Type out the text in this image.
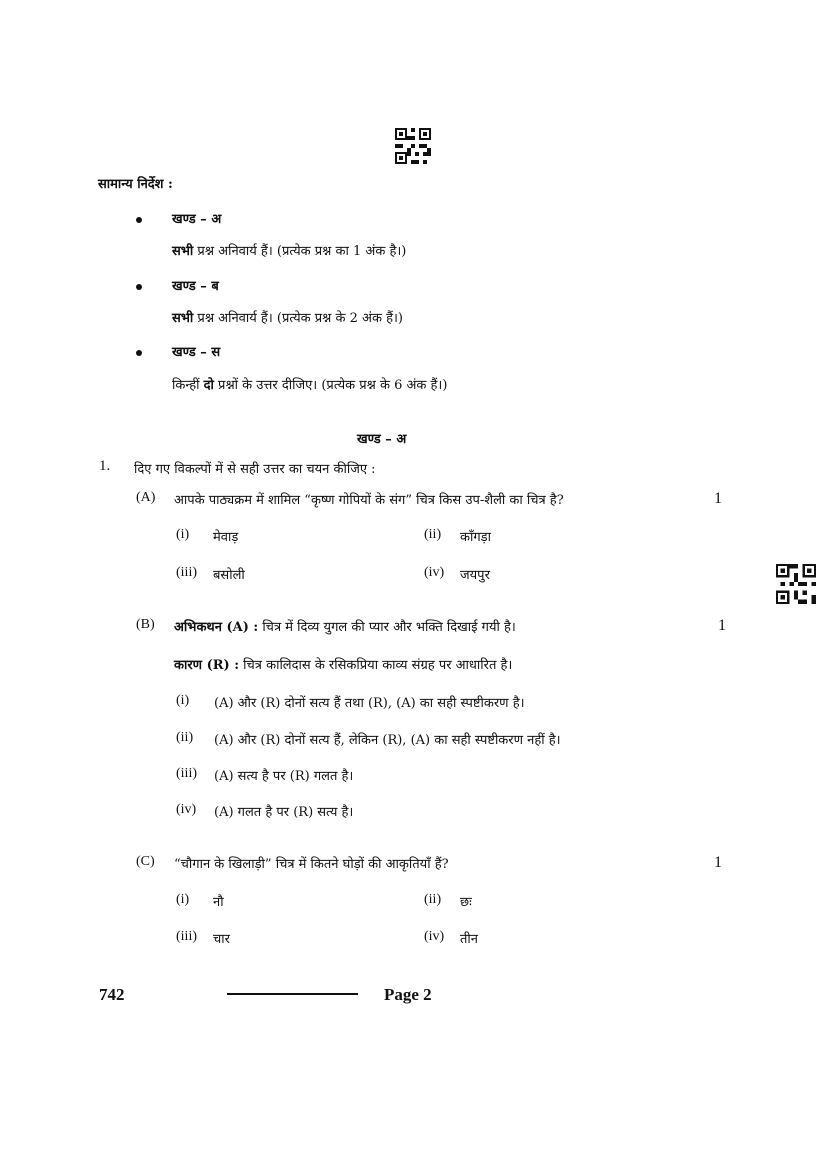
सामान्य निर्देश :
खण्ड – अ
सभी प्रश्न अनिवार्य हैं। (प्रत्येक प्रश्न का 1 अंक है।)
खण्ड – ब
सभी प्रश्न अनिवार्य हैं। (प्रत्येक प्रश्न के 2 अंक हैं।)
खण्ड – स
किन्हीं दो प्रश्नों के उत्तर दीजिए। (प्रत्येक प्रश्न के 6 अंक हैं।)
खण्ड – अ
1. दिए गए विकल्पों में से सही उत्तर का चयन कीजिए :
(A) आपके पाठ्यक्रम में शामिल “कृष्ण गोपियों के संग” चित्र किस उप-शैली का चित्र है?	1
(i) मेवाड़	(ii) काँगड़ा
(iii) बसोली	(iv) जयपुर
(B) अभिकथन (A) : चित्र में दिव्य युगल की प्यार और भक्ति दिखाई गयी है।	1
कारण (R) : चित्र कालिदास के रसिकप्रिया काव्य संग्रह पर आधारित है।
(i) (A) और (R) दोनों सत्य हैं तथा (R), (A) का सही स्पष्टीकरण है।
(ii) (A) और (R) दोनों सत्य हैं, लेकिन (R), (A) का सही स्पष्टीकरण नहीं है।
(iii) (A) सत्य है पर (R) गलत है।
(iv) (A) गलत है पर (R) सत्य है।
(C) “चौगान के खिलाड़ी” चित्र में कितने घोड़ों की आकृतियाँ हैं?	1
(i) नौ	(ii) छः
(iii) चार	(iv) तीन
742	Page 2
